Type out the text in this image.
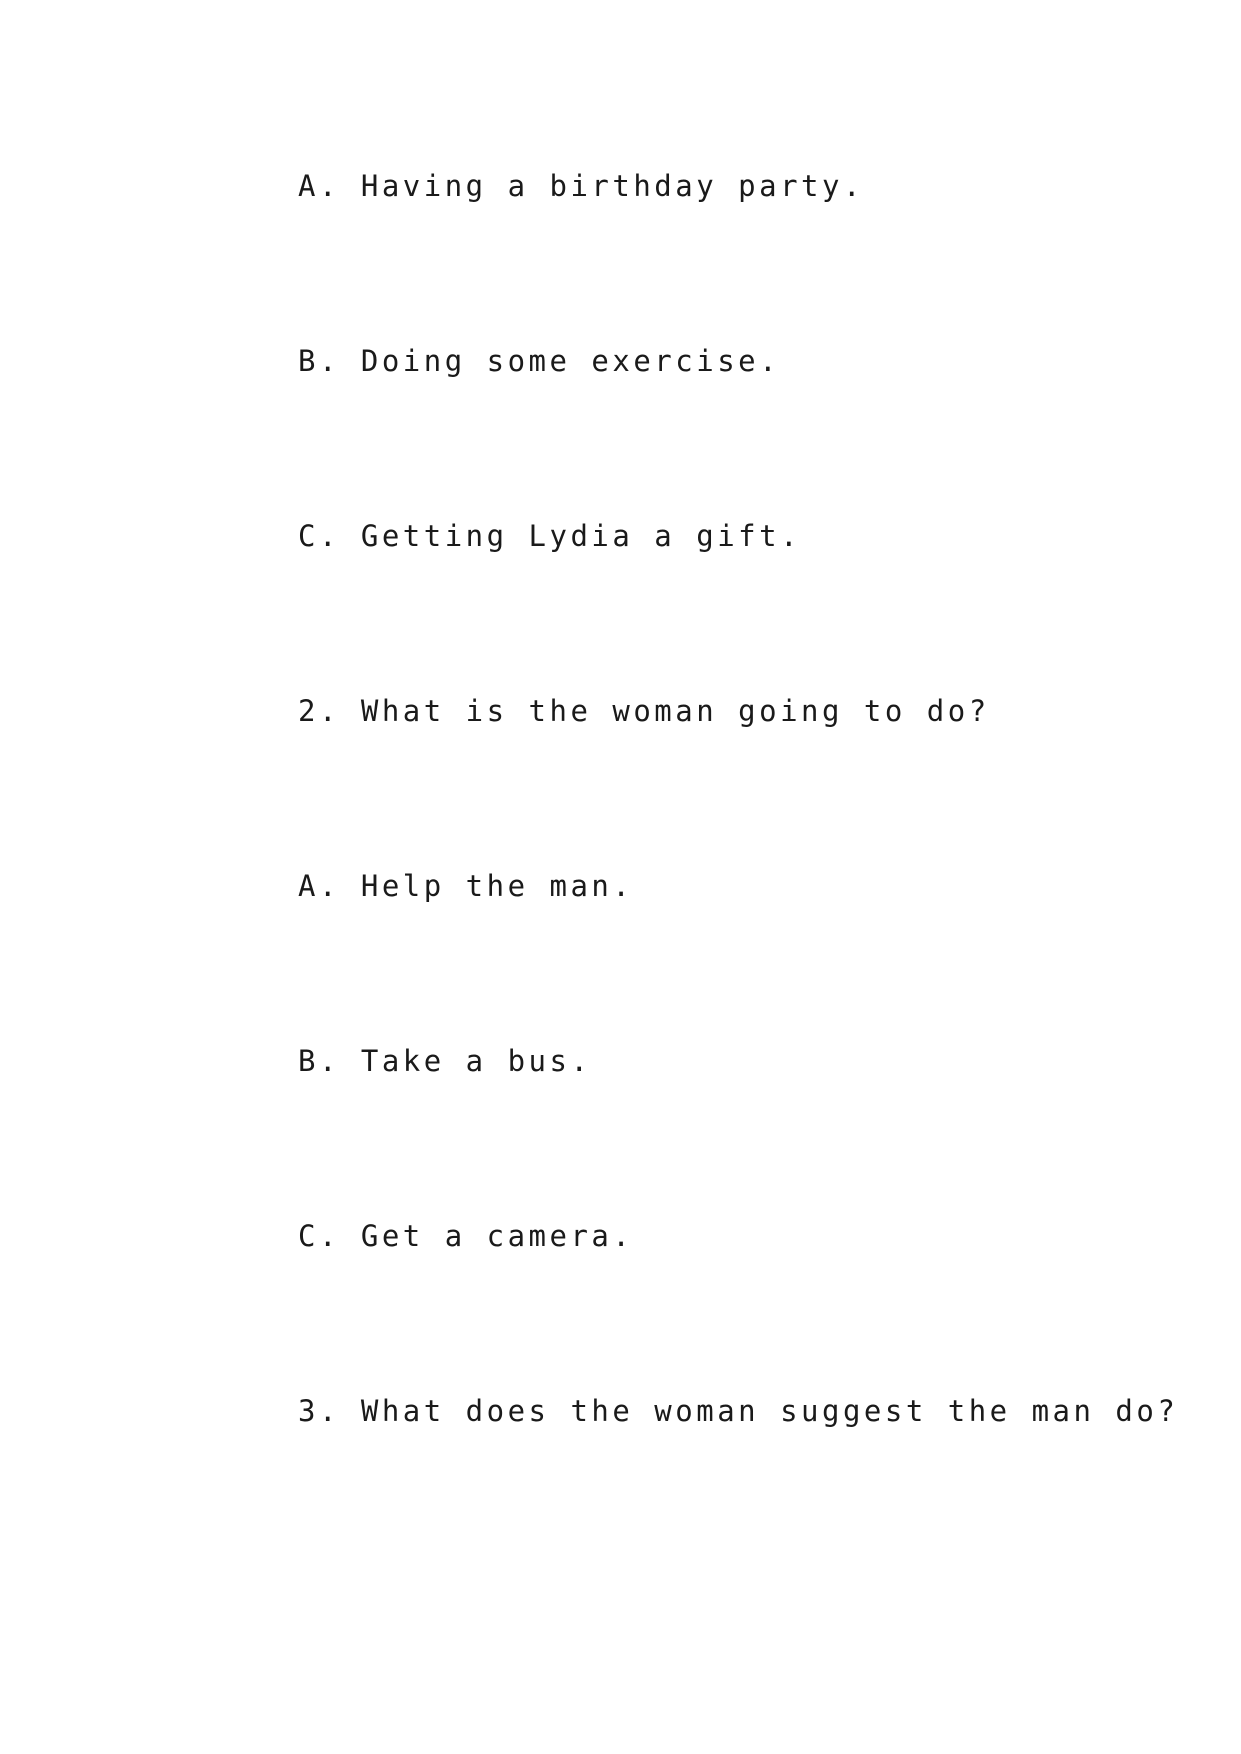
A. Having a birthday party.

B. Doing some exercise.

C. Getting Lydia a gift.

2. What is the woman going to do?

A. Help the man.

B. Take a bus.

C. Get a camera.

3. What does the woman suggest the man do?
